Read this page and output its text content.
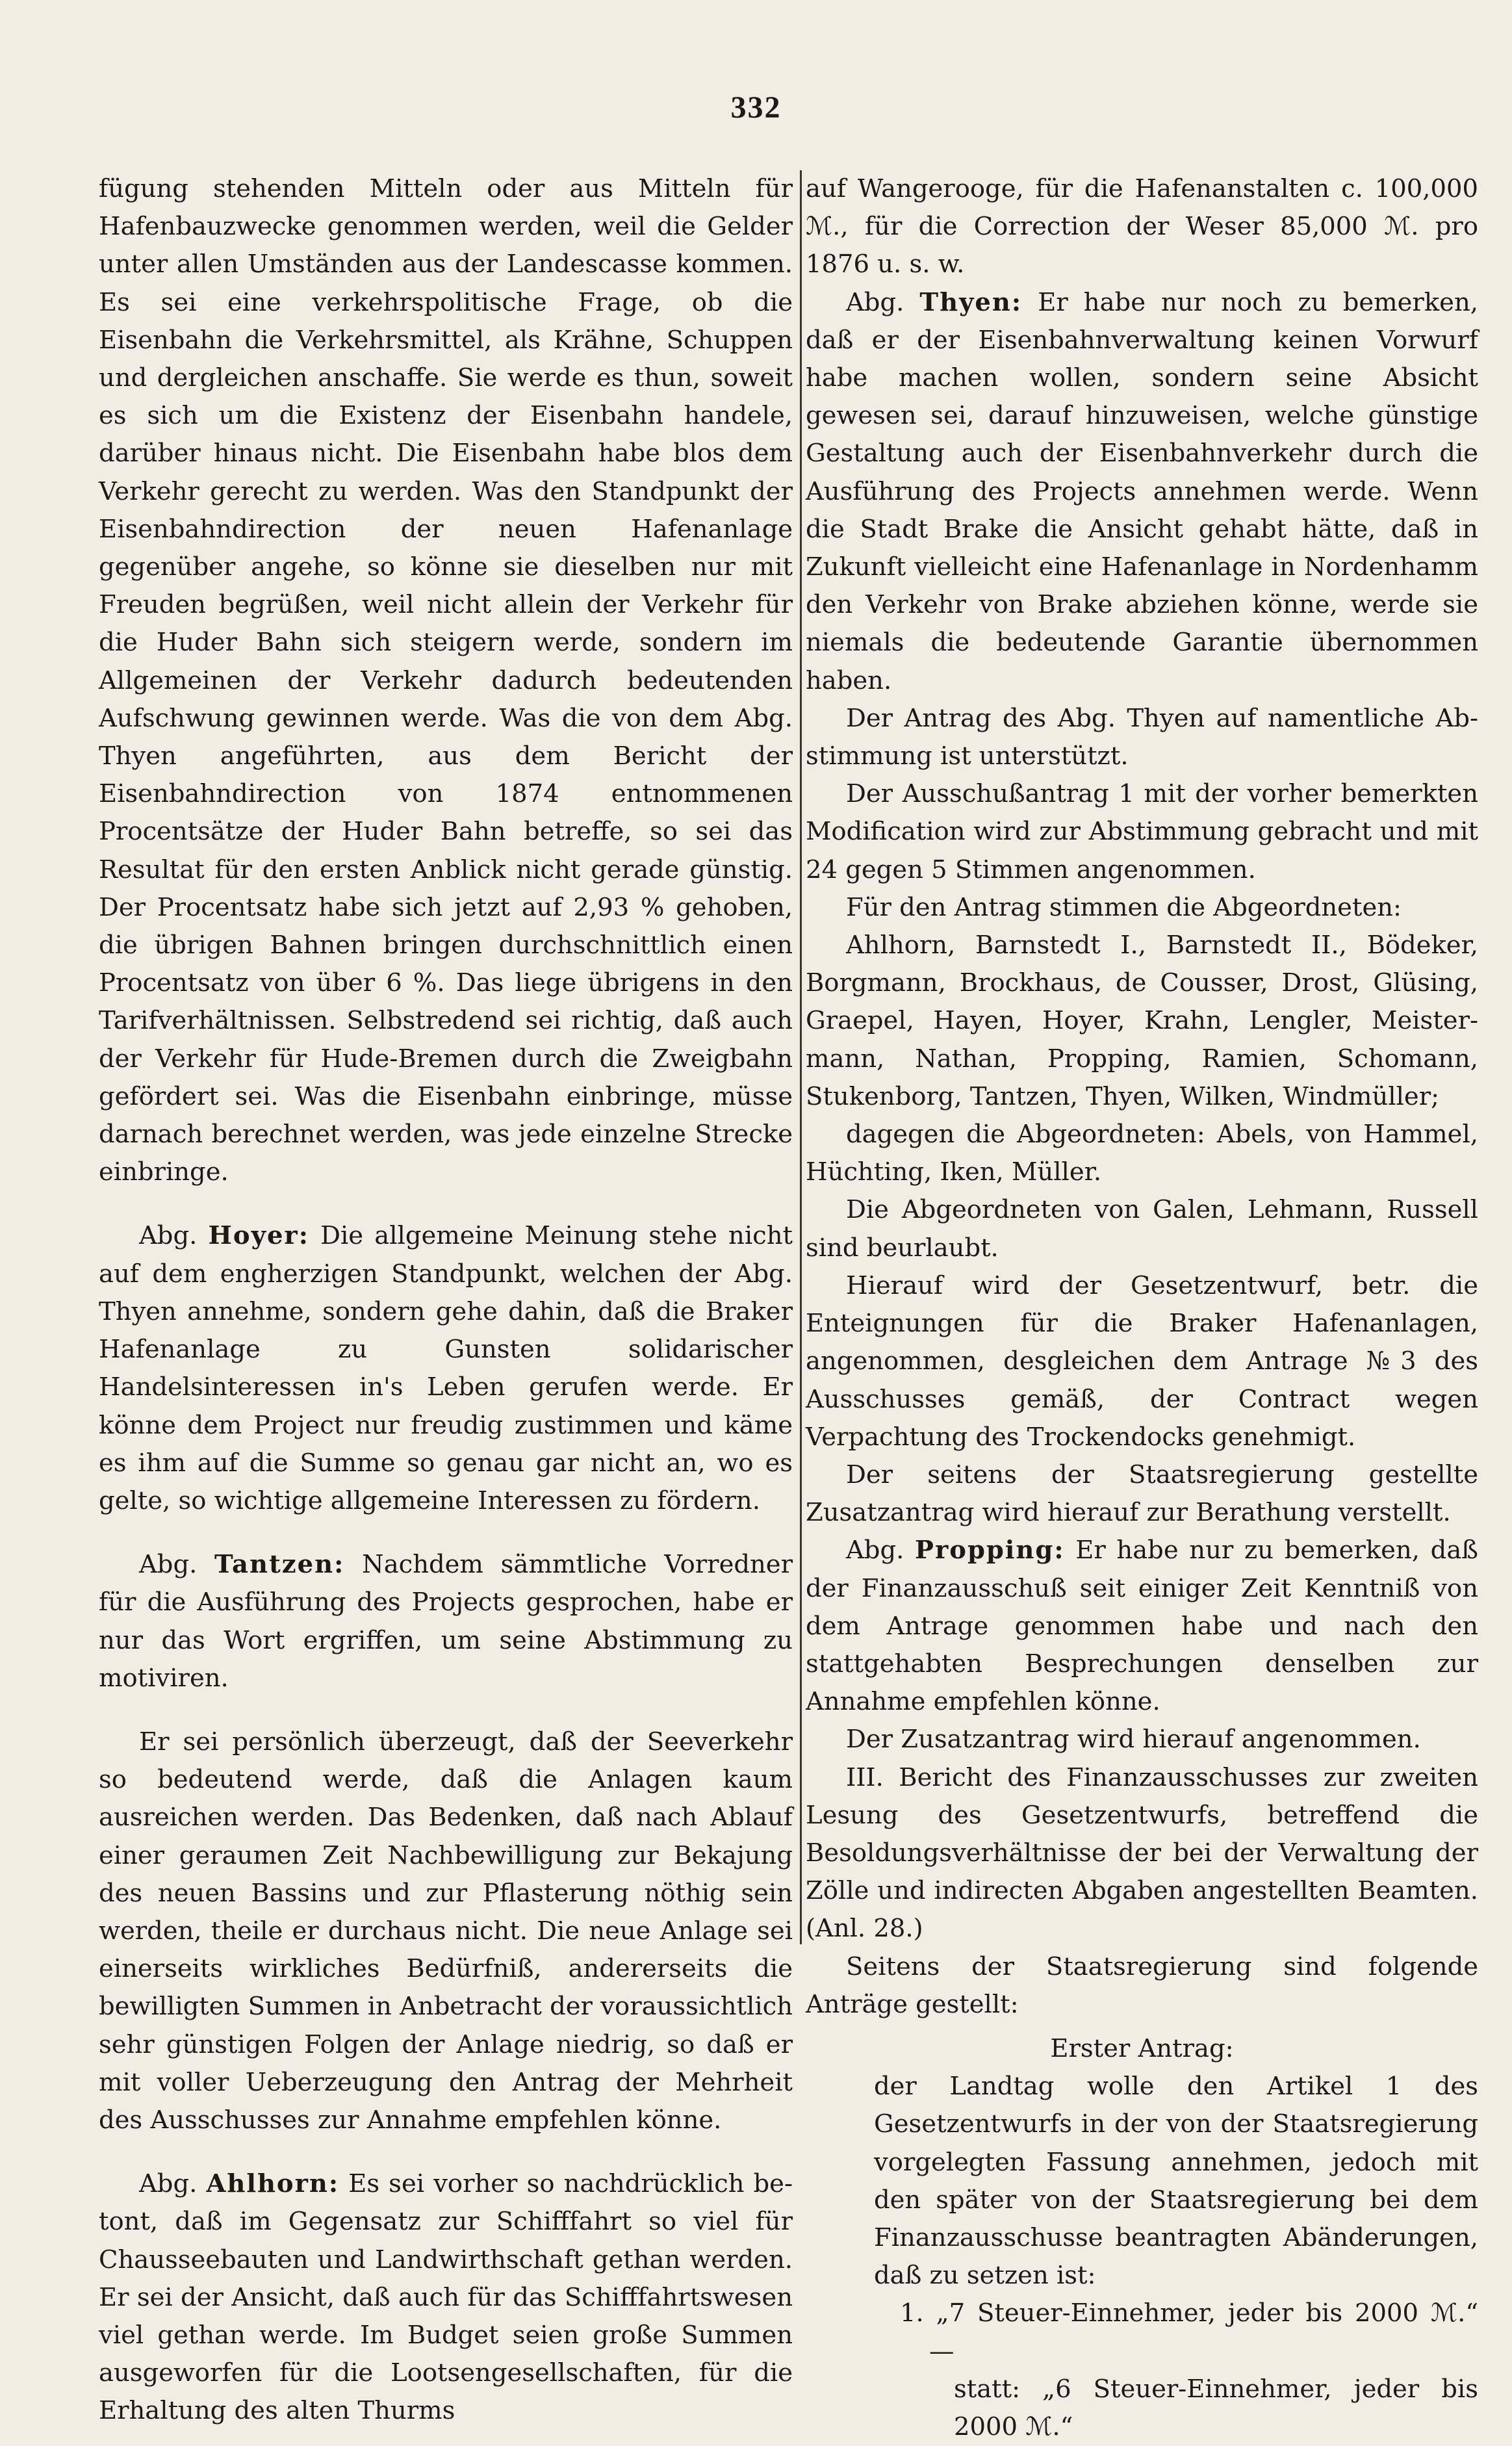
332

fügung stehenden Mitteln oder aus Mitteln für Hafenbauzwecke genommen werden, weil die Gelder unter allen Umständen aus der Landescasse kommen. Es sei eine verkehrspolitische Frage, ob die Eisenbahn die Verkehrsmittel, als Krähne, Schuppen und dergleichen anschaffe. Sie werde es thun, soweit es sich um die Existenz der Eisenbahn handele, darüber hinaus nicht. Die Eisenbahn habe blos dem Verkehr gerecht zu werden. Was den Standpunkt der Eisenbahndirection der neuen Hafenanlage gegenüber angehe, so könne sie dieselben nur mit Freuden begrüßen, weil nicht allein der Verkehr für die Huder Bahn sich steigern werde, sondern im Allgemeinen der Verkehr dadurch bedeutenden Aufschwung gewinnen werde. Was die von dem Abg. Thyen angeführten, aus dem Bericht der Eisenbahndirection von 1874 entnommenen Procentsätze der Huder Bahn betreffe, so sei das Resultat für den ersten Anblick nicht gerade günstig. Der Procentsatz habe sich jetzt auf 2,93 % gehoben, die übrigen Bahnen bringen durchschnittlich einen Procentsatz von über 6 %. Das liege übrigens in den Tarifverhältnissen. Selbstredend sei richtig, daß auch der Verkehr für Hude-Bremen durch die Zweigbahn gefördert sei. Was die Eisenbahn einbringe, müsse darnach berechnet werden, was jede einzelne Strecke einbringe.

Abg. Hoyer: Die allgemeine Meinung stehe nicht auf dem engherzigen Standpunkt, welchen der Abg. Thyen annehme, sondern gehe dahin, daß die Braker Hafenanlage zu Gunsten solidarischer Handelsinteressen in's Leben gerufen werde. Er könne dem Project nur freudig zustimmen und käme es ihm auf die Summe so genau gar nicht an, wo es gelte, so wichtige allgemeine Interessen zu fördern.

Abg. Tantzen: Nachdem sämmtliche Vorredner für die Ausführung des Projects gesprochen, habe er nur das Wort ergriffen, um seine Abstimmung zu motiviren.

Er sei persönlich überzeugt, daß der Seeverkehr so bedeutend werde, daß die Anlagen kaum ausreichen werden. Das Bedenken, daß nach Ablauf einer geraumen Zeit Nachbewilligung zur Bekajung des neuen Bassins und zur Pflasterung nöthig sein werden, theile er durchaus nicht. Die neue Anlage sei einerseits wirkliches Bedürfniß, andererseits die bewilligten Summen in Anbetracht der voraussichtlich sehr günstigen Folgen der Anlage niedrig, so daß er mit voller Ueberzeugung den Antrag der Mehrheit des Ausschusses zur Annahme empfehlen könne.

Abg. Ahlhorn: Es sei vorher so nachdrücklich betont, daß im Gegensatz zur Schifffahrt so viel für Chausseebauten und Landwirthschaft gethan werden. Er sei der Ansicht, daß auch für das Schifffahrtswesen viel gethan werde. Im Budget seien große Summen ausgeworfen für die Lootsengesellschaften, für die Erhaltung des alten Thurms

auf Wangerooge, für die Hafenanstalten c. 100,000 ℳ., für die Correction der Weser 85,000 ℳ. pro 1876 u. s. w.

Abg. Thyen: Er habe nur noch zu bemerken, daß er der Eisenbahnverwaltung keinen Vorwurf habe machen wollen, sondern seine Absicht gewesen sei, darauf hinzuweisen, welche günstige Gestaltung auch der Eisenbahnverkehr durch die Ausführung des Projects annehmen werde. Wenn die Stadt Brake die Ansicht gehabt hätte, daß in Zukunft vielleicht eine Hafenanlage in Nordenhamm den Verkehr von Brake abziehen könne, werde sie niemals die bedeutende Garantie übernommen haben.

Der Antrag des Abg. Thyen auf namentliche Abstimmung ist unterstützt.

Der Ausschußantrag 1 mit der vorher bemerkten Modification wird zur Abstimmung gebracht und mit 24 gegen 5 Stimmen angenommen.

Für den Antrag stimmen die Abgeordneten:

Ahlhorn, Barnstedt I., Barnstedt II., Bödeker, Borgmann, Brockhaus, de Cousser, Drost, Glüsing, Graepel, Hayen, Hoyer, Krahn, Lengler, Meistermann, Nathan, Propping, Ramien, Schomann, Stukenborg, Tantzen, Thyen, Wilken, Windmüller;

dagegen die Abgeordneten: Abels, von Hammel, Hüchting, Iken, Müller.

Die Abgeordneten von Galen, Lehmann, Russell sind beurlaubt.

Hierauf wird der Gesetzentwurf, betr. die Enteignungen für die Braker Hafenanlagen, angenommen, desgleichen dem Antrage №3 des Ausschusses gemäß, der Contract wegen Verpachtung des Trockendocks genehmigt.

Der seitens der Staatsregierung gestellte Zusatzantrag wird hierauf zur Berathung verstellt.

Abg. Propping: Er habe nur zu bemerken, daß der Finanzausschuß seit einiger Zeit Kenntniß von dem Antrage genommen habe und nach den stattgehabten Besprechungen denselben zur Annahme empfehlen könne.

Der Zusatzantrag wird hierauf angenommen.

III. Bericht des Finanzausschusses zur zweiten Lesung des Gesetzentwurfs, betreffend die Besoldungsverhältnisse der bei der Verwaltung der Zölle und indirecten Abgaben angestellten Beamten. (Anl. 28.)

Seitens der Staatsregierung sind folgende Anträge gestellt:

Erster Antrag:

der Landtag wolle den Artikel 1 des Gesetzentwurfs in der von der Staatsregierung vorgelegten Fassung annehmen, jedoch mit den später von der Staatsregierung bei dem Finanzausschusse beantragten Abänderungen, daß zu setzen ist:

1. „7 Steuer-Einnehmer, jeder bis 2000 ℳ.“ —

statt: „6 Steuer-Einnehmer, jeder bis 2000 ℳ.“
